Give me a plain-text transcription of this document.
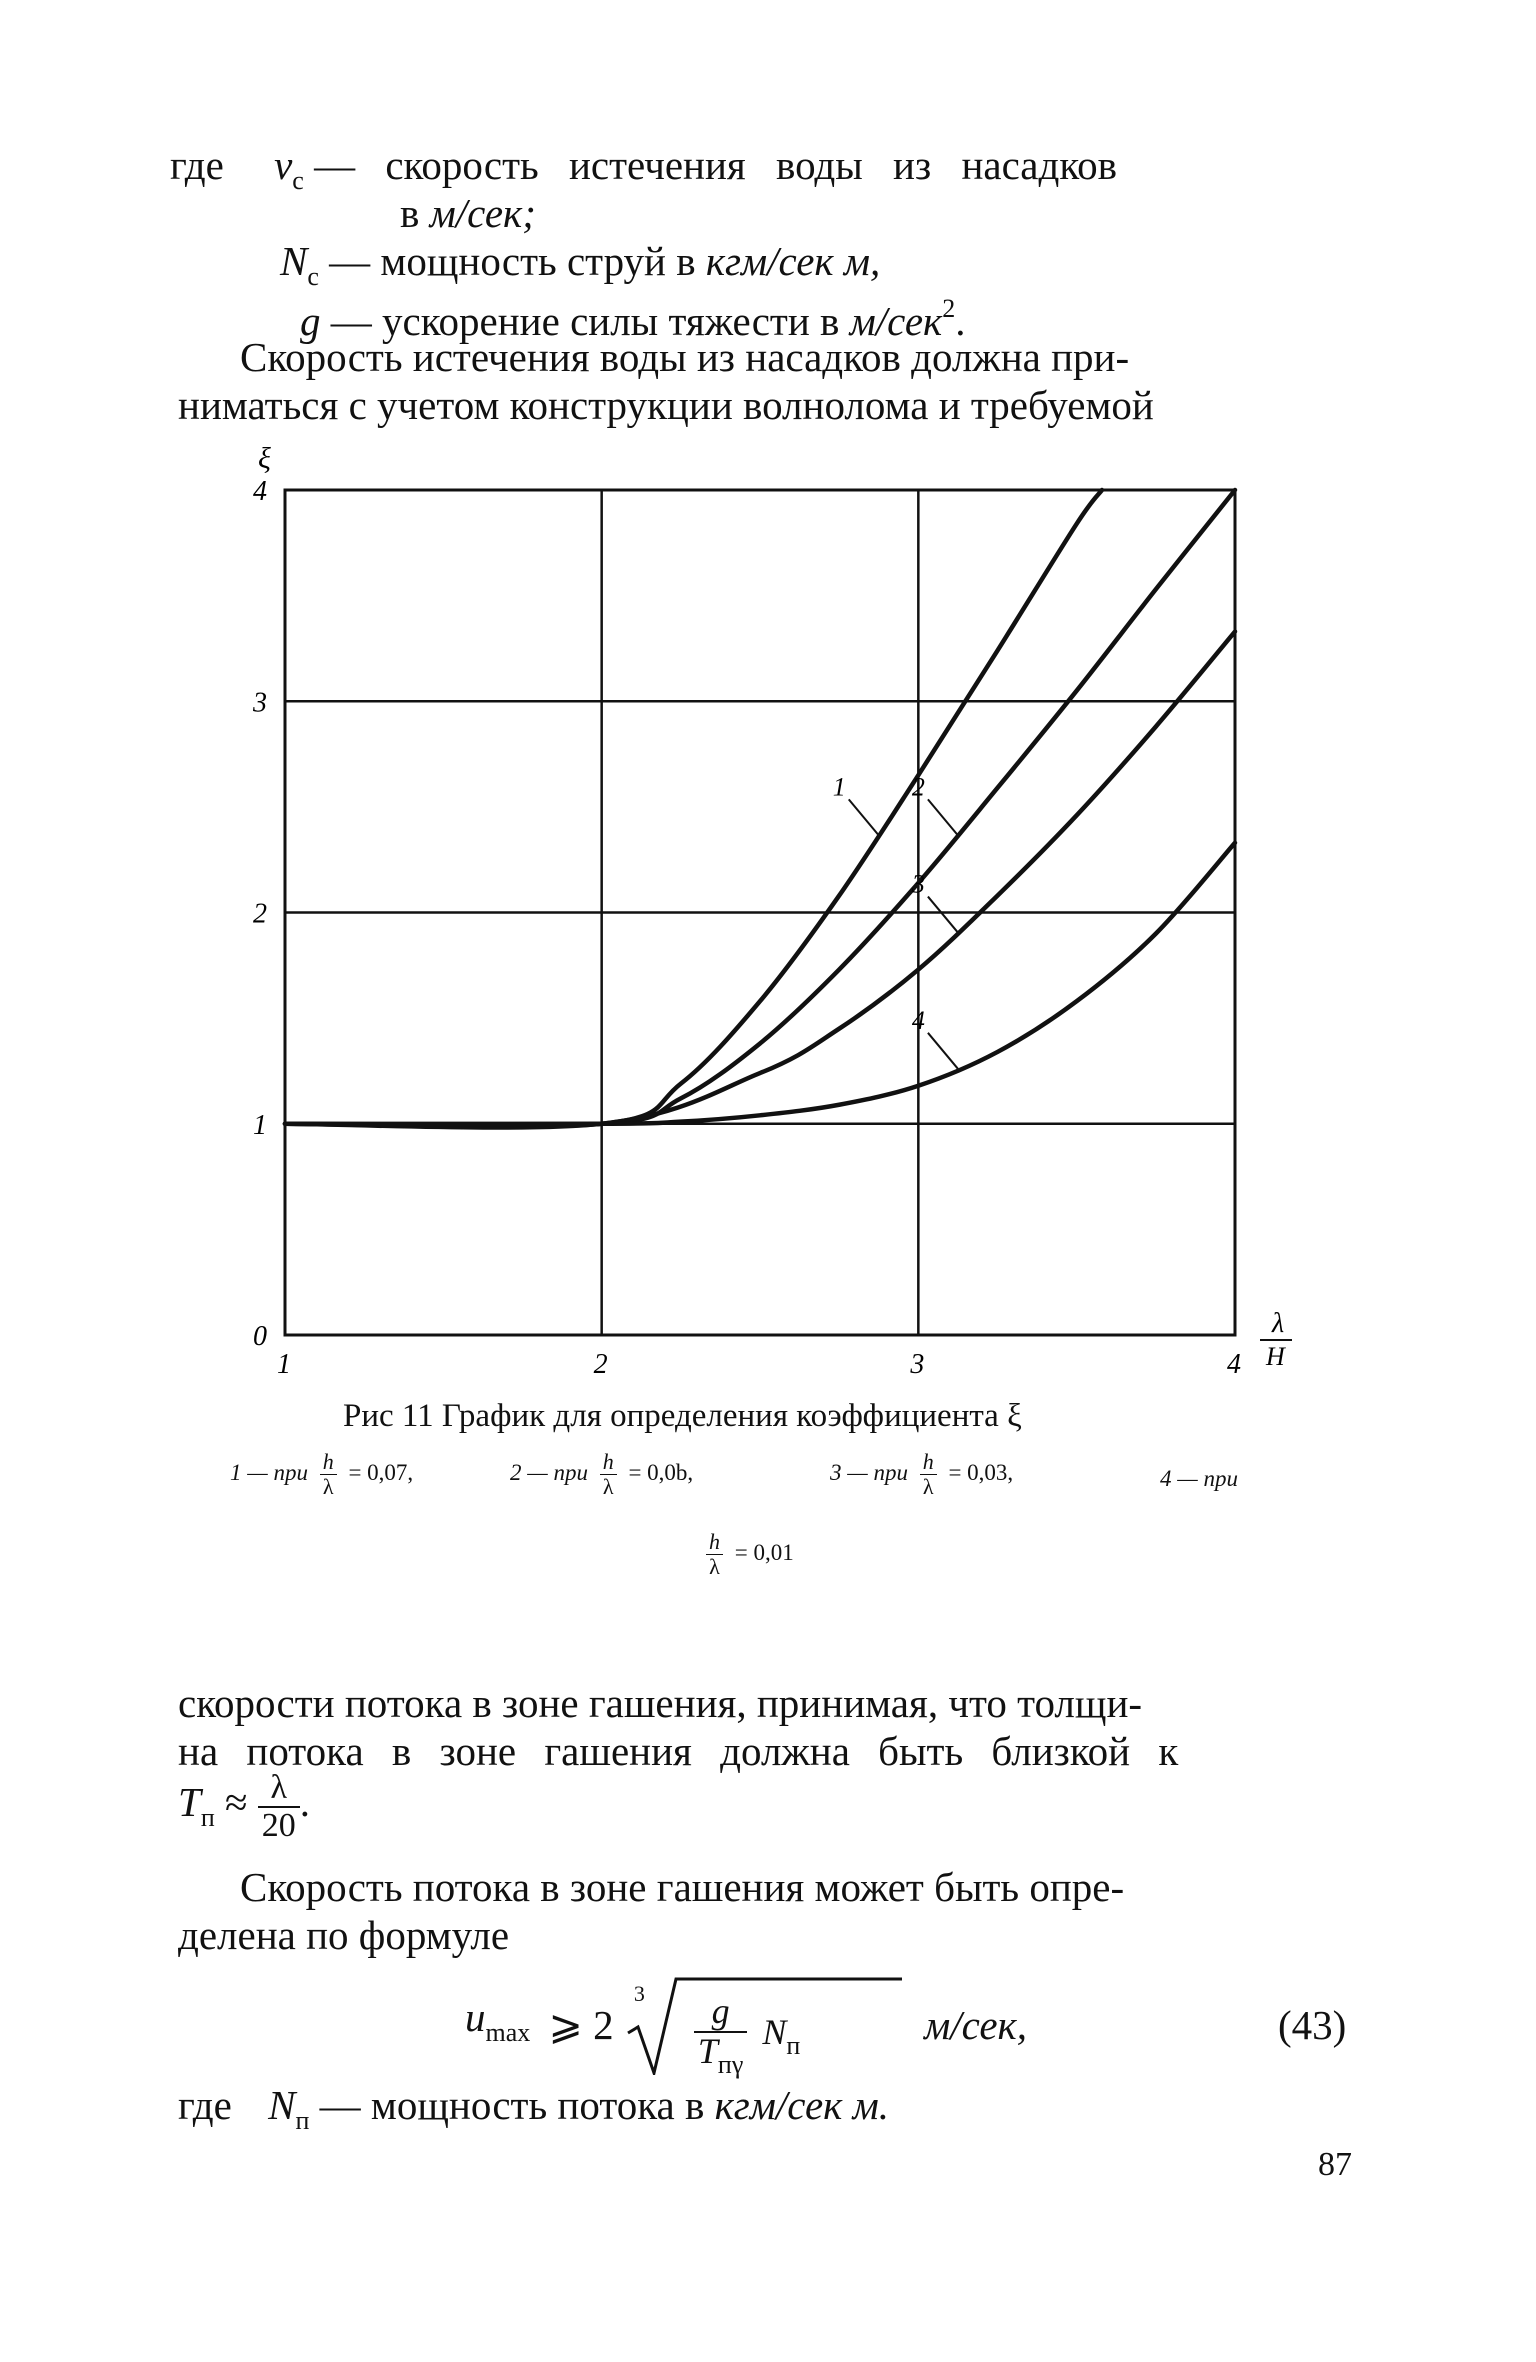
где $v_с$ — скорость истечения воды из насадков
в м/сек;
$N_с$ — мощность струй в кгм/сек м,
g — ускорение силы тяжести в м/сек$^2$.
Скорость истечения воды из насадков должна при-
ниматься с учетом конструкции волнолома и требуемой
1	2	3	4
0
1
2
3
4
1	2
3
4
ξ
λ
H
Рис 11 График для определения коэффициента ξ
1 — при $\frac{h}{\lambda} = 0,07$,	2 — при $\frac{h}{\lambda} = 0,0b$,	3 — при $\frac{h}{\lambda} = 0,03$,	4 — при
$\frac{h}{\lambda} = 0,01$
скорости потока в зоне гашения, принимая, что толщи-
на потока в зоне гашения должна быть близкой к
$T_п \approx \frac{\lambda}{20}$ .
Скорость потока в зоне гашения может быть опре-
делена по формуле
$u_{max}$ ⩾ 2
$3 \frac{g}{T_{п\gamma}} N_п$	м/сек,	(43)
где $N_п$ — мощность потока в кгм/сек м.
87
